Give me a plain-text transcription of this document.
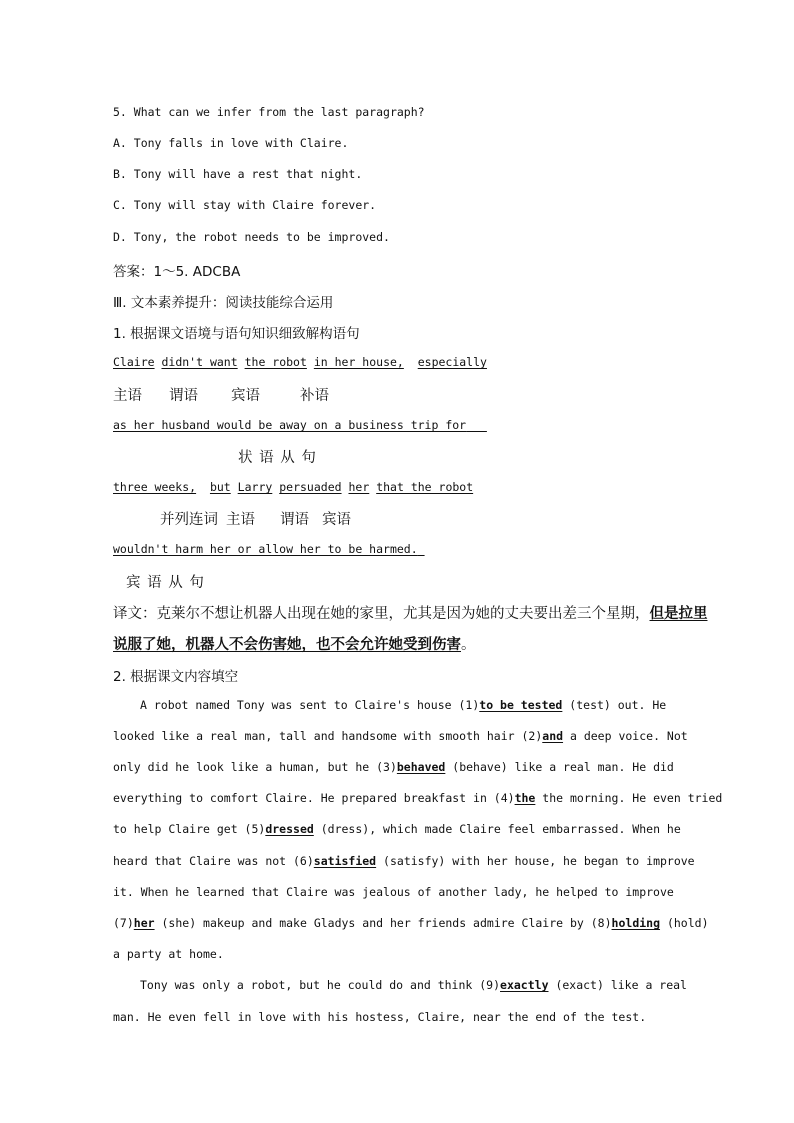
5. What can we infer from the last paragraph?
A. Tony falls in love with Claire.
B. Tony will have a rest that night.
C. Tony will stay with Claire forever.
D. Tony, the robot needs to be improved.
答案：1～5. ADCBA
Ⅲ. 文本素养提升：阅读技能综合运用
1. 根据课文语境与语句知识细致解构语句
Claire didn't want the robot in her house, especially
主语 谓语 宾语	补语
as her husband would be away on a business trip for
状 语 从 句
three weeks, but Larry persuaded her that the robot
并列连词 主语 谓语 宾语
wouldn't harm her or allow her to be harmed.
宾 语 从 句
译文：克莱尔不想让机器人出现在她的家里，尤其是因为她的丈夫要出差三个星期，但是拉里
说服了她，机器人不会伤害她，也不会允许她受到伤害。
2. 根据课文内容填空
A robot named Tony was sent to Claire's house (1)to be tested (test) out. He
looked like a real man, tall and handsome with smooth hair (2)and a deep voice. Not
only did he look like a human, but he (3)behaved (behave) like a real man. He did
everything to comfort Claire. He prepared breakfast in (4)the the morning. He even tried
to help Claire get (5)dressed (dress), which made Claire feel embarrassed. When he
heard that Claire was not (6)satisfied (satisfy) with her house, he began to improve
it. When he learned that Claire was jealous of another lady, he helped to improve
(7)her (she) makeup and make Gladys and her friends admire Claire by (8)holding (hold)
a party at home.
Tony was only a robot, but he could do and think (9)exactly (exact) like a real
man. He even fell in love with his hostess, Claire, near the end of the test.
